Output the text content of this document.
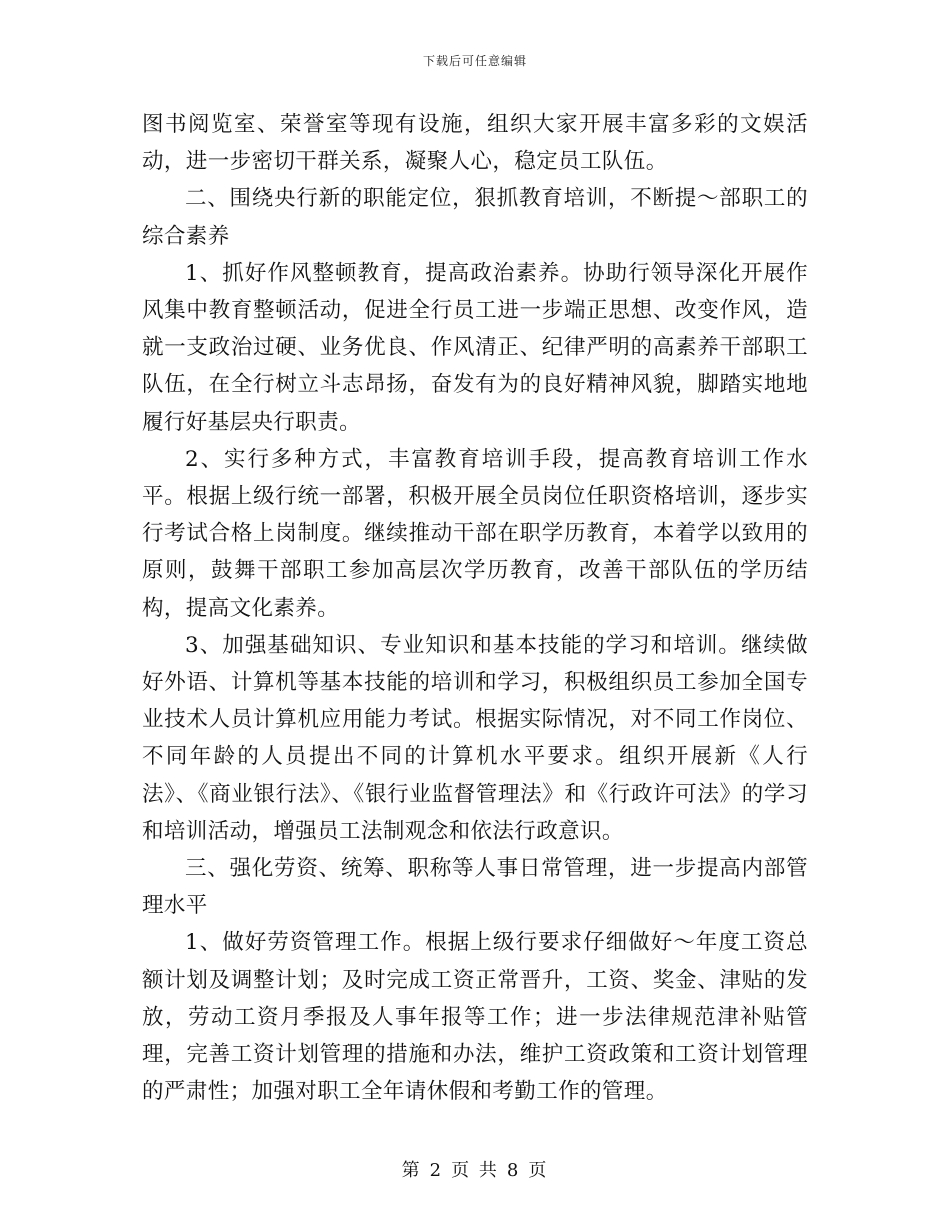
下载后可任意编辑

图书阅览室、荣誉室等现有设施，组织大家开展丰富多彩的文娱活动，进一步密切干群关系，凝聚人心，稳定员工队伍。

二、围绕央行新的职能定位，狠抓教育培训，不断提～部职工的综合素养

1、抓好作风整顿教育，提高政治素养。协助行领导深化开展作风集中教育整顿活动，促进全行员工进一步端正思想、改变作风，造就一支政治过硬、业务优良、作风清正、纪律严明的高素养干部职工队伍，在全行树立斗志昂扬，奋发有为的良好精神风貌，脚踏实地地履行好基层央行职责。

2、实行多种方式，丰富教育培训手段，提高教育培训工作水平。根据上级行统一部署，积极开展全员岗位任职资格培训，逐步实行考试合格上岗制度。继续推动干部在职学历教育，本着学以致用的原则，鼓舞干部职工参加高层次学历教育，改善干部队伍的学历结构，提高文化素养。

3、加强基础知识、专业知识和基本技能的学习和培训。继续做好外语、计算机等基本技能的培训和学习，积极组织员工参加全国专业技术人员计算机应用能力考试。根据实际情况，对不同工作岗位、不同年龄的人员提出不同的计算机水平要求。组织开展新《人行法》、《商业银行法》、《银行业监督管理法》和《行政许可法》的学习和培训活动，增强员工法制观念和依法行政意识。

三、强化劳资、统筹、职称等人事日常管理，进一步提高内部管理水平

1、做好劳资管理工作。根据上级行要求仔细做好～年度工资总额计划及调整计划；及时完成工资正常晋升，工资、奖金、津贴的发放，劳动工资月季报及人事年报等工作；进一步法律规范津补贴管理，完善工资计划管理的措施和办法，维护工资政策和工资计划管理的严肃性；加强对职工全年请休假和考勤工作的管理。

第 2 页 共 8 页
